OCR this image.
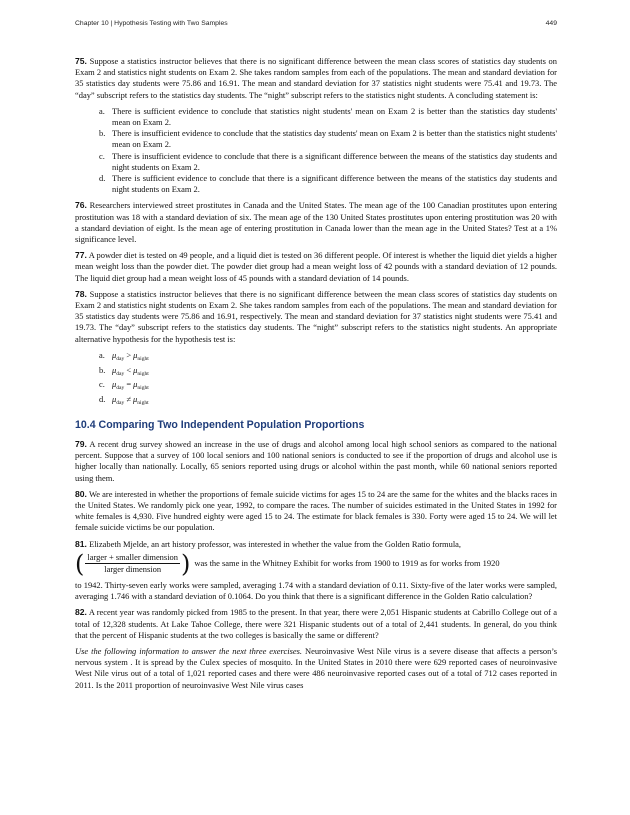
Chapter 10 | Hypothesis Testing with Two Samples	449

75. Suppose a statistics instructor believes that there is no significant difference between the mean class scores of statistics day students on Exam 2 and statistics night students on Exam 2. She takes random samples from each of the populations. The mean and standard deviation for 35 statistics day students were 75.86 and 16.91. The mean and standard deviation for 37 statistics night students were 75.41 and 19.73. The “day” subscript refers to the statistics day students. The “night” subscript refers to the statistics night students. A concluding statement is:

a. There is sufficient evidence to conclude that statistics night students' mean on Exam 2 is better than the statistics day students' mean on Exam 2.
b. There is insufficient evidence to conclude that the statistics day students' mean on Exam 2 is better than the statistics night students' mean on Exam 2.
c. There is insufficient evidence to conclude that there is a significant difference between the means of the statistics day students and night students on Exam 2.
d. There is sufficient evidence to conclude that there is a significant difference between the means of the statistics day students and night students on Exam 2.

76. Researchers interviewed street prostitutes in Canada and the United States. The mean age of the 100 Canadian prostitutes upon entering prostitution was 18 with a standard deviation of six. The mean age of the 130 United States prostitutes upon entering prostitution was 20 with a standard deviation of eight. Is the mean age of entering prostitution in Canada lower than the mean age in the United States? Test at a 1% significance level.

77. A powder diet is tested on 49 people, and a liquid diet is tested on 36 different people. Of interest is whether the liquid diet yields a higher mean weight loss than the powder diet. The powder diet group had a mean weight loss of 42 pounds with a standard deviation of 12 pounds. The liquid diet group had a mean weight loss of 45 pounds with a standard deviation of 14 pounds.

78. Suppose a statistics instructor believes that there is no significant difference between the mean class scores of statistics day students on Exam 2 and statistics night students on Exam 2. She takes random samples from each of the populations. The mean and standard deviation for 35 statistics day students were 75.86 and 16.91, respectively. The mean and standard deviation for 37 statistics night students were 75.41 and 19.73. The “day” subscript refers to the statistics day students. The “night” subscript refers to the statistics night students. An appropriate alternative hypothesis for the hypothesis test is:

a. $\mu_{day} > \mu_{night}$
b. $\mu_{day} < \mu_{night}$
c. $\mu_{day} = \mu_{night}$
d. $\mu_{day} \ne \mu_{night}$
10.4 Comparing Two Independent Population Proportions

79. A recent drug survey showed an increase in the use of drugs and alcohol among local high school seniors as compared to the national percent. Suppose that a survey of 100 local seniors and 100 national seniors is conducted to see if the proportion of drugs and alcohol use is higher locally than nationally. Locally, 65 seniors reported using drugs or alcohol within the past month, while 60 national seniors reported using them.

80. We are interested in whether the proportions of female suicide victims for ages 15 to 24 are the same for the whites and the blacks races in the United States. We randomly pick one year, 1992, to compare the races. The number of suicides estimated in the United States in 1992 for white females is 4,930. Five hundred eighty were aged 15 to 24. The estimate for black females is 330. Forty were aged 15 to 24. We will let female suicide victims be our population.

81. Elizabeth Mjelde, an art history professor, was interested in whether the value from the Golden Ratio formula,
( $\frac{\text{larger + smaller dimension}}{\text{larger dimension}}$ ) was the same in the Whitney Exhibit for works from 1900 to 1919 as for works from 1920
to 1942. Thirty-seven early works were sampled, averaging 1.74 with a standard deviation of 0.11. Sixty-five of the later works were sampled, averaging 1.746 with a standard deviation of 0.1064. Do you think that there is a significant difference in the Golden Ratio calculation?

82. A recent year was randomly picked from 1985 to the present. In that year, there were 2,051 Hispanic students at Cabrillo College out of a total of 12,328 students. At Lake Tahoe College, there were 321 Hispanic students out of a total of 2,441 students. In general, do you think that the percent of Hispanic students at the two colleges is basically the same or different?

Use the following information to answer the next three exercises. Neuroinvasive West Nile virus is a severe disease that affects a person’s nervous system . It is spread by the Culex species of mosquito. In the United States in 2010 there were 629 reported cases of neuroinvasive West Nile virus out of a total of 1,021 reported cases and there were 486 neuroinvasive reported cases out of a total of 712 cases reported in 2011. Is the 2011 proportion of neuroinvasive West Nile virus cases
